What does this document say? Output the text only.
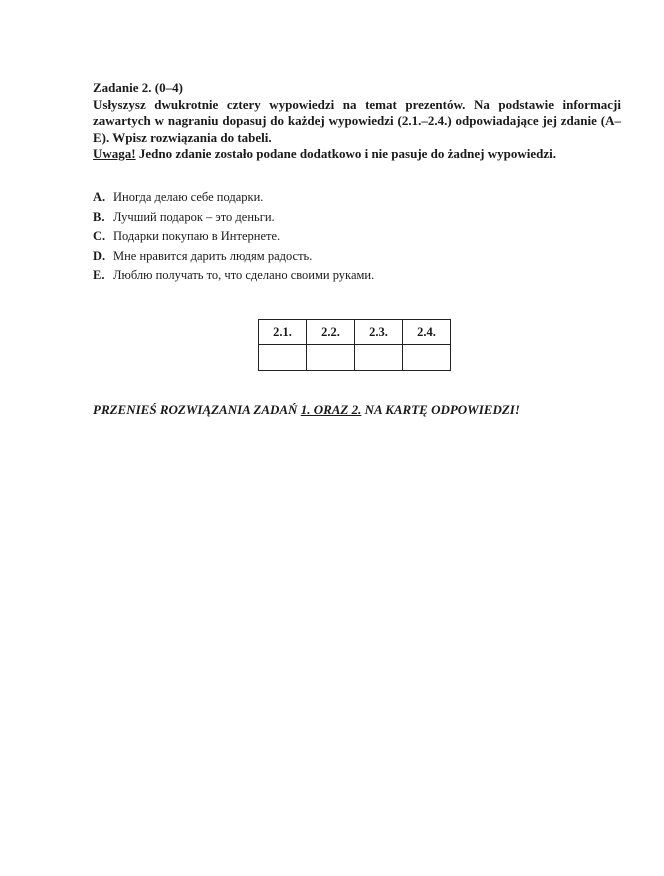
Zadanie 2. (0–4)
Usłyszysz dwukrotnie cztery wypowiedzi na temat prezentów. Na podstawie informacji zawartych w nagraniu dopasuj do każdej wypowiedzi (2.1.–2.4.) odpowiadające jej zdanie (A–E). Wpisz rozwiązania do tabeli.
Uwaga! Jedno zdanie zostało podane dodatkowo i nie pasuje do żadnej wypowiedzi.
A. Иногда делаю себе подарки.
B. Лучший подарок – это деньги.
C. Подарки покупаю в Интернете.
D. Мне нравится дарить людям радость.
E. Люблю получать то, что сделано своими руками.
2.1.	2.2.	2.3.	2.4.

PRZENIEŚ ROZWIĄZANIA ZADAŃ 1. ORAZ 2. NA KARTĘ ODPOWIEDZI!
